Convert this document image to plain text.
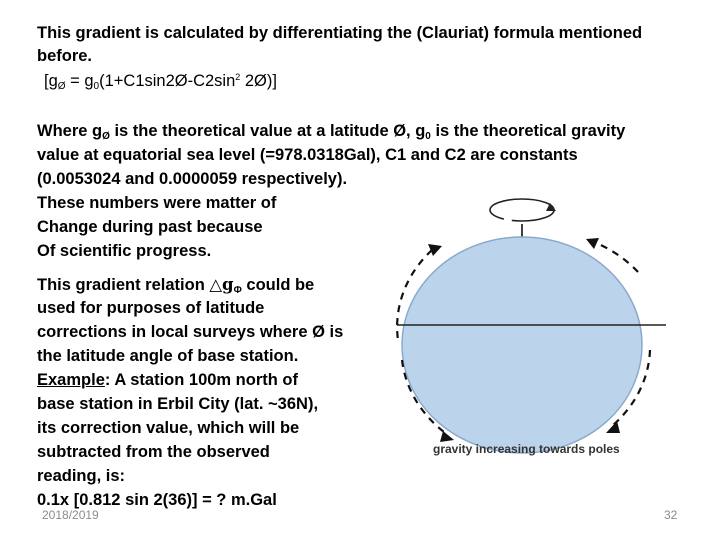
This gradient is calculated by differentiating the (Clauriat) formula mentioned
before.
[gØ = $g0(1+C1\sin 2Ø-C2\sin^2$ 2Ø)]
Where gØ is the theoretical value at a latitude Ø, g0 is the theoretical gravity
value at equatorial sea level (=978.0318Gal), C1 and C2 are constants
(0.0053024 and 0.0000059 respectively).
These numbers were matter of
Change during past because
Of scientific progress.
This gradient relation △gΦ could be
used for purposes of latitude
corrections in local surveys where Ø is
the latitude angle of base station.
Example: A station 100m north of
base station in Erbil City (lat. ~36N),
its correction value, which will be
subtracted from the observed
reading, is:
0.1x [0.812 sin 2(36)] = ? m.Gal
gravity increasing towards poles
2018/2019	32
